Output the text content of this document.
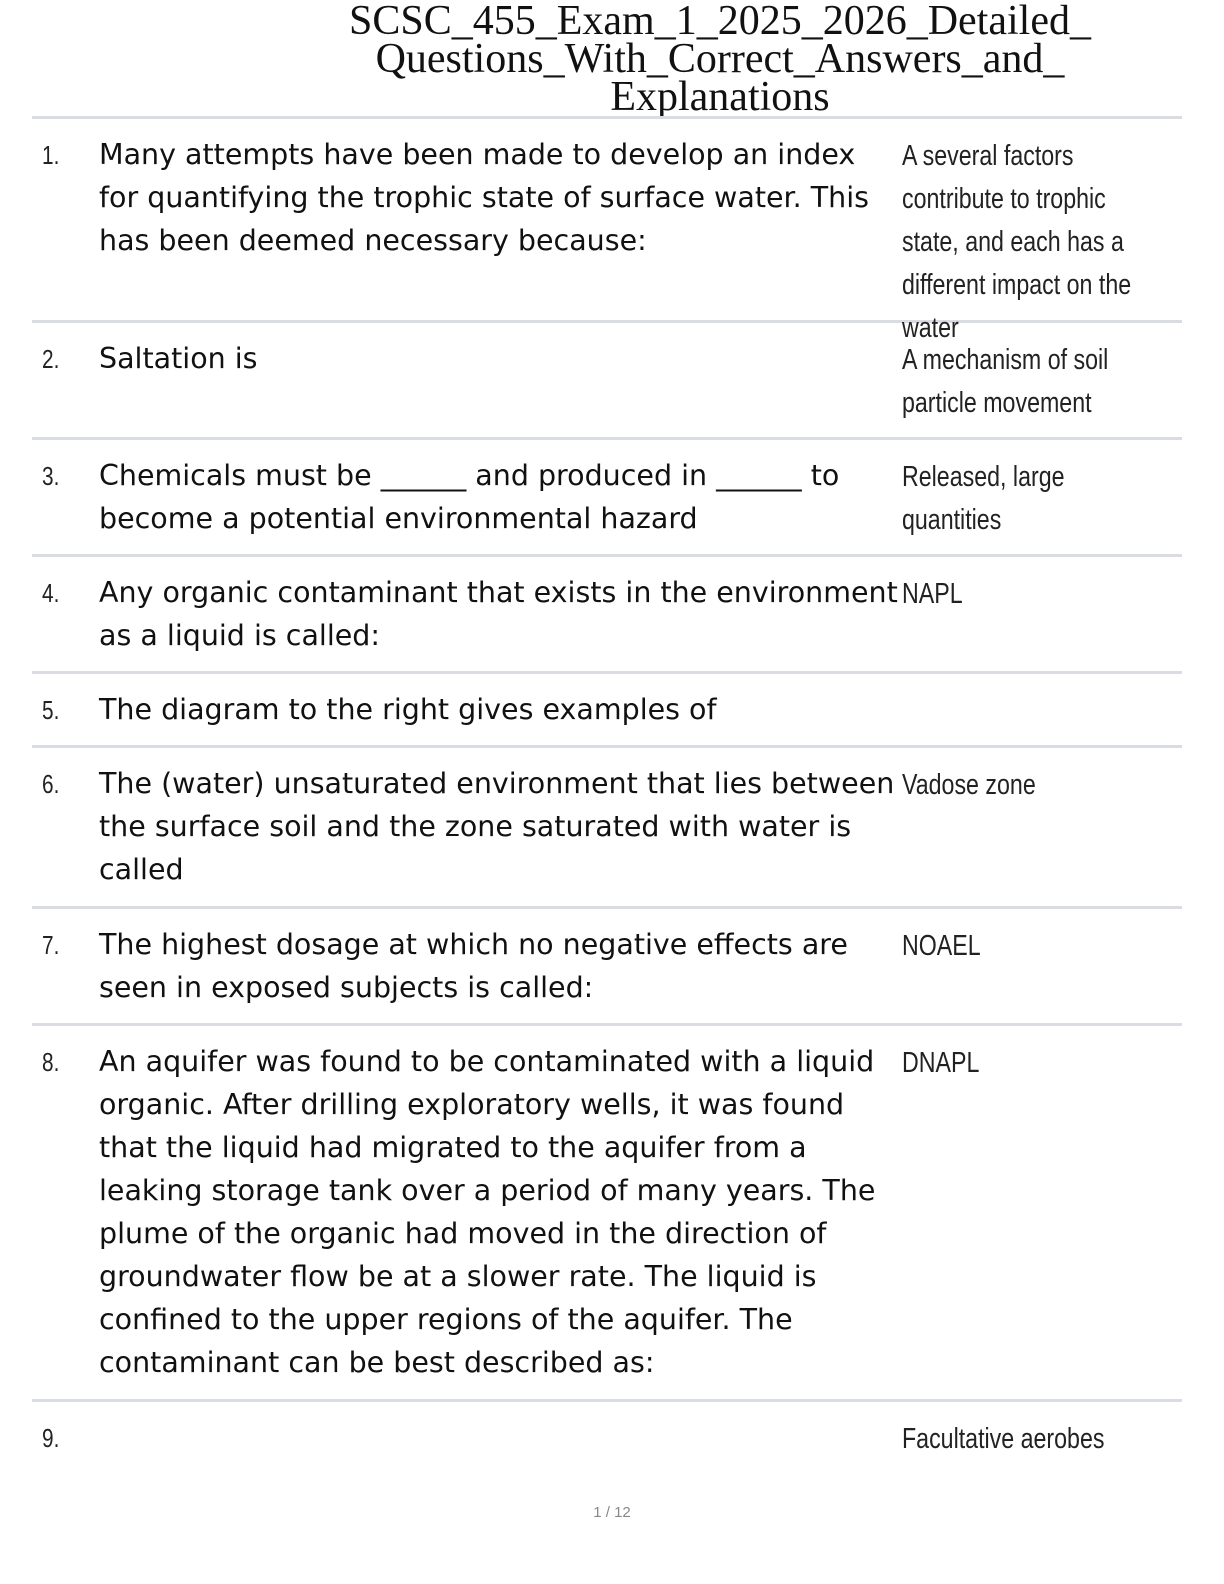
SCSC_455_Exam_1_2025_2026_Detailed_
Questions_With_Correct_Answers_and_
Explanations
1. Many attempts have been made to develop an index for quantifying the trophic state of surface water. This has been deemed necessary because:
A several factors contribute to trophic state, and each has a different impact on the water
2. Saltation is	A mechanism of soil particle movement
3. Chemicals must be ______ and produced in ______ to become a potential environmental hazard
Released, large quantities
4. Any organic contaminant that exists in the environment as a liquid is called:
NAPL
5. The diagram to the right gives examples of
6. The (water) unsaturated environment that lies between the surface soil and the zone saturated with water is called
Vadose zone
7. The highest dosage at which no negative effects are seen in exposed subjects is called:
NOAEL
8. An aquifer was found to be contaminated with a liquid organic. After drilling exploratory wells, it was found that the liquid had migrated to the aquifer from a leaking storage tank over a period of many years. The plume of the organic had moved in the direction of groundwater flow be at a slower rate. The liquid is confined to the upper regions of the aquifer. The contaminant can be best described as:
DNAPL
9.	Facultative aerobes
1 / 12
